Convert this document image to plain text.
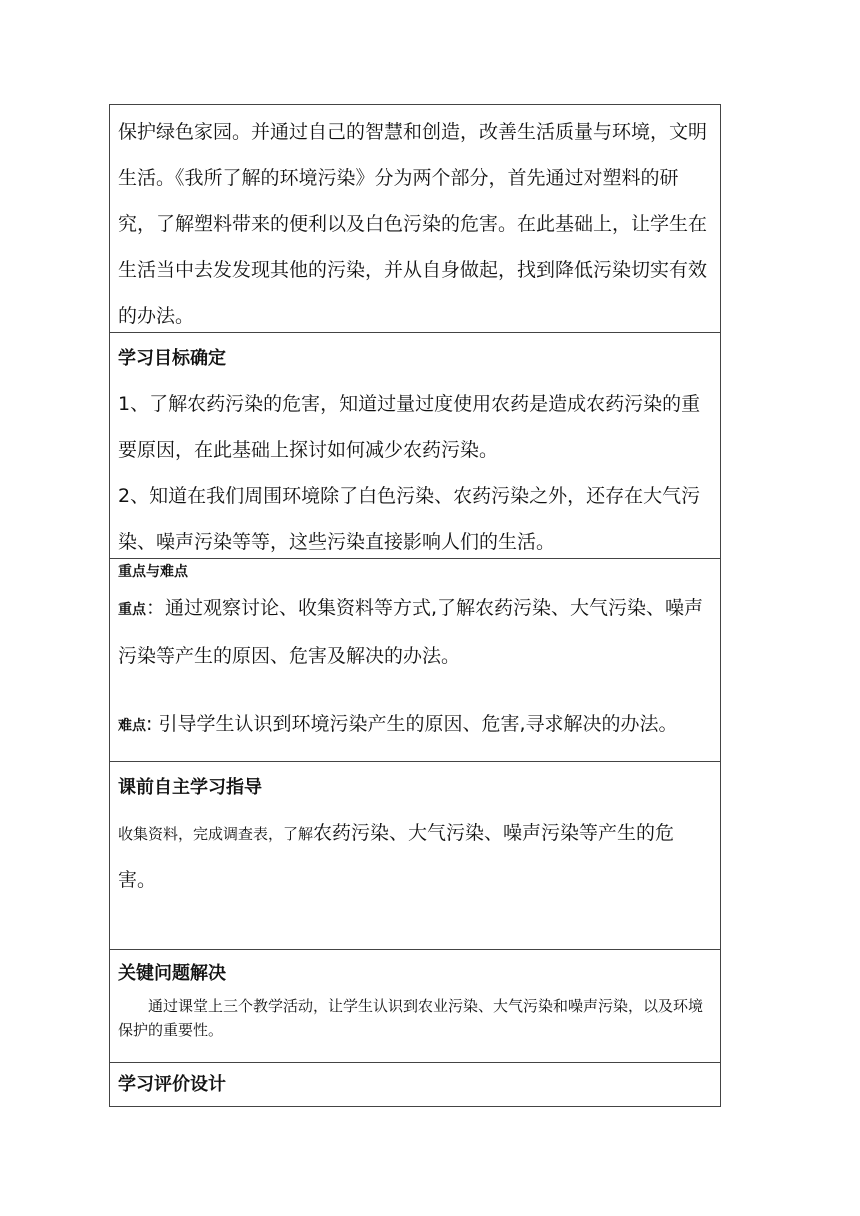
保护绿色家园。并通过自己的智慧和创造，改善生活质量与环境，文明生活。《我所了解的环境污染》分为两个部分，首先通过对塑料的研究，了解塑料带来的便利以及白色污染的危害。在此基础上，让学生在生活当中去发发现其他的污染，并从自身做起，找到降低污染切实有效的办法。

学习目标确定

1、了解农药污染的危害，知道过量过度使用农药是造成农药污染的重要原因，在此基础上探讨如何减少农药污染。

2、知道在我们周围环境除了白色污染、农药污染之外，还存在大气污染、噪声污染等等，这些污染直接影响人们的生活。

重点与难点

重点：通过观察讨论、收集资料等方式,了解农药污染、大气污染、噪声污染等产生的原因、危害及解决的办法。

难点: 引导学生认识到环境污染产生的原因、危害,寻求解决的办法。

课前自主学习指导

收集资料，完成调查表，了解农药污染、大气污染、噪声污染等产生的危害。

关键问题解决

通过课堂上三个教学活动，让学生认识到农业污染、大气污染和噪声污染，以及环境保护的重要性。

学习评价设计
